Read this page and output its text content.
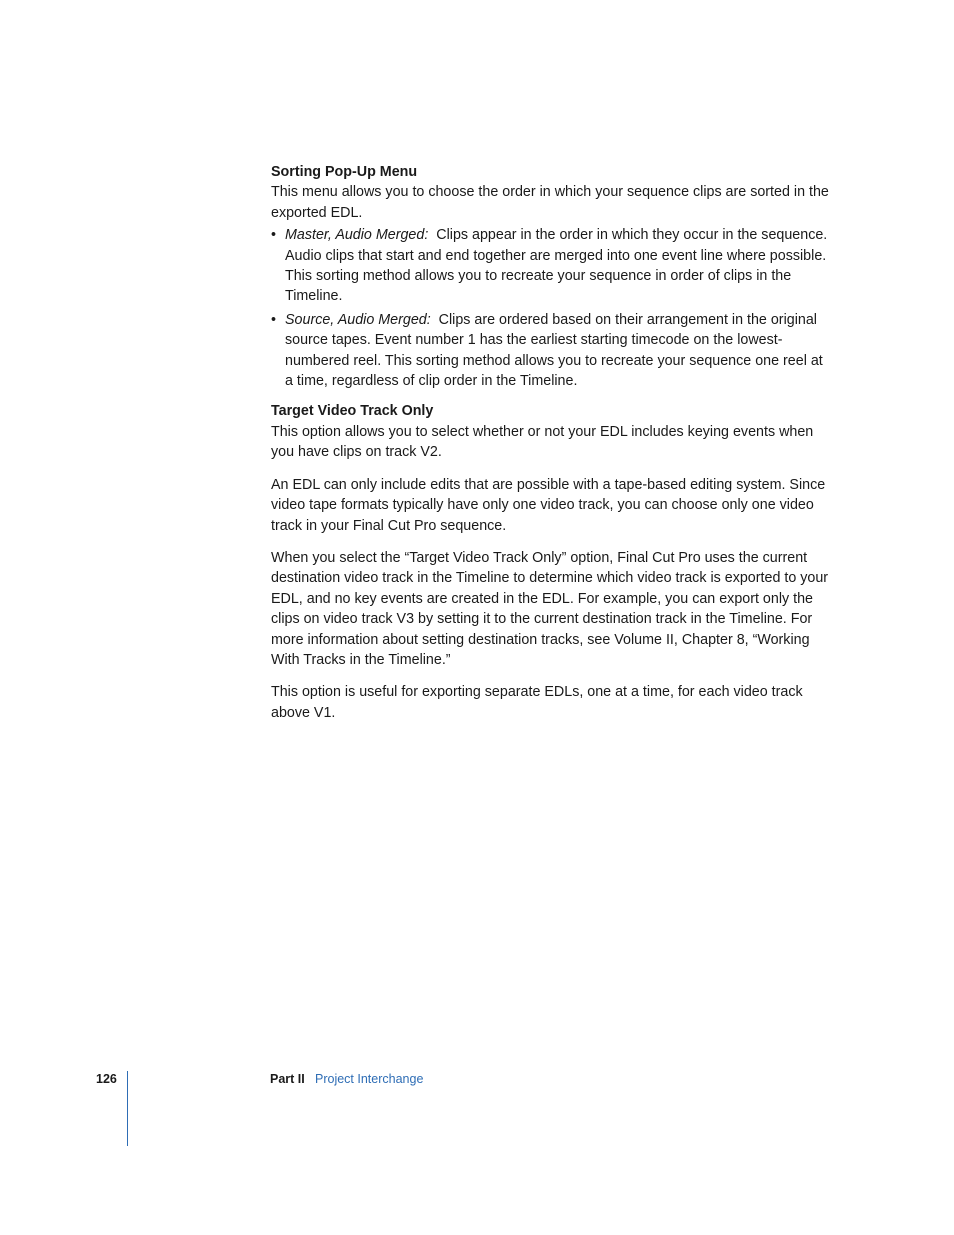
Sorting Pop-Up Menu

This menu allows you to choose the order in which your sequence clips are sorted in the exported EDL.

• Master, Audio Merged: Clips appear in the order in which they occur in the sequence. Audio clips that start and end together are merged into one event line where possible. This sorting method allows you to recreate your sequence in order of clips in the Timeline.
• Source, Audio Merged: Clips are ordered based on their arrangement in the original source tapes. Event number 1 has the earliest starting timecode on the lowest-numbered reel. This sorting method allows you to recreate your sequence one reel at a time, regardless of clip order in the Timeline.
Target Video Track Only

This option allows you to select whether or not your EDL includes keying events when you have clips on track V2.

An EDL can only include edits that are possible with a tape-based editing system. Since video tape formats typically have only one video track, you can choose only one video track in your Final Cut Pro sequence.

When you select the “Target Video Track Only” option, Final Cut Pro uses the current destination video track in the Timeline to determine which video track is exported to your EDL, and no key events are created in the EDL. For example, you can export only the clips on video track V3 by setting it to the current destination track in the Timeline. For more information about setting destination tracks, see Volume II, Chapter 8, “Working With Tracks in the Timeline.”

This option is useful for exporting separate EDLs, one at a time, for each video track above V1.

126	Part II Project Interchange
